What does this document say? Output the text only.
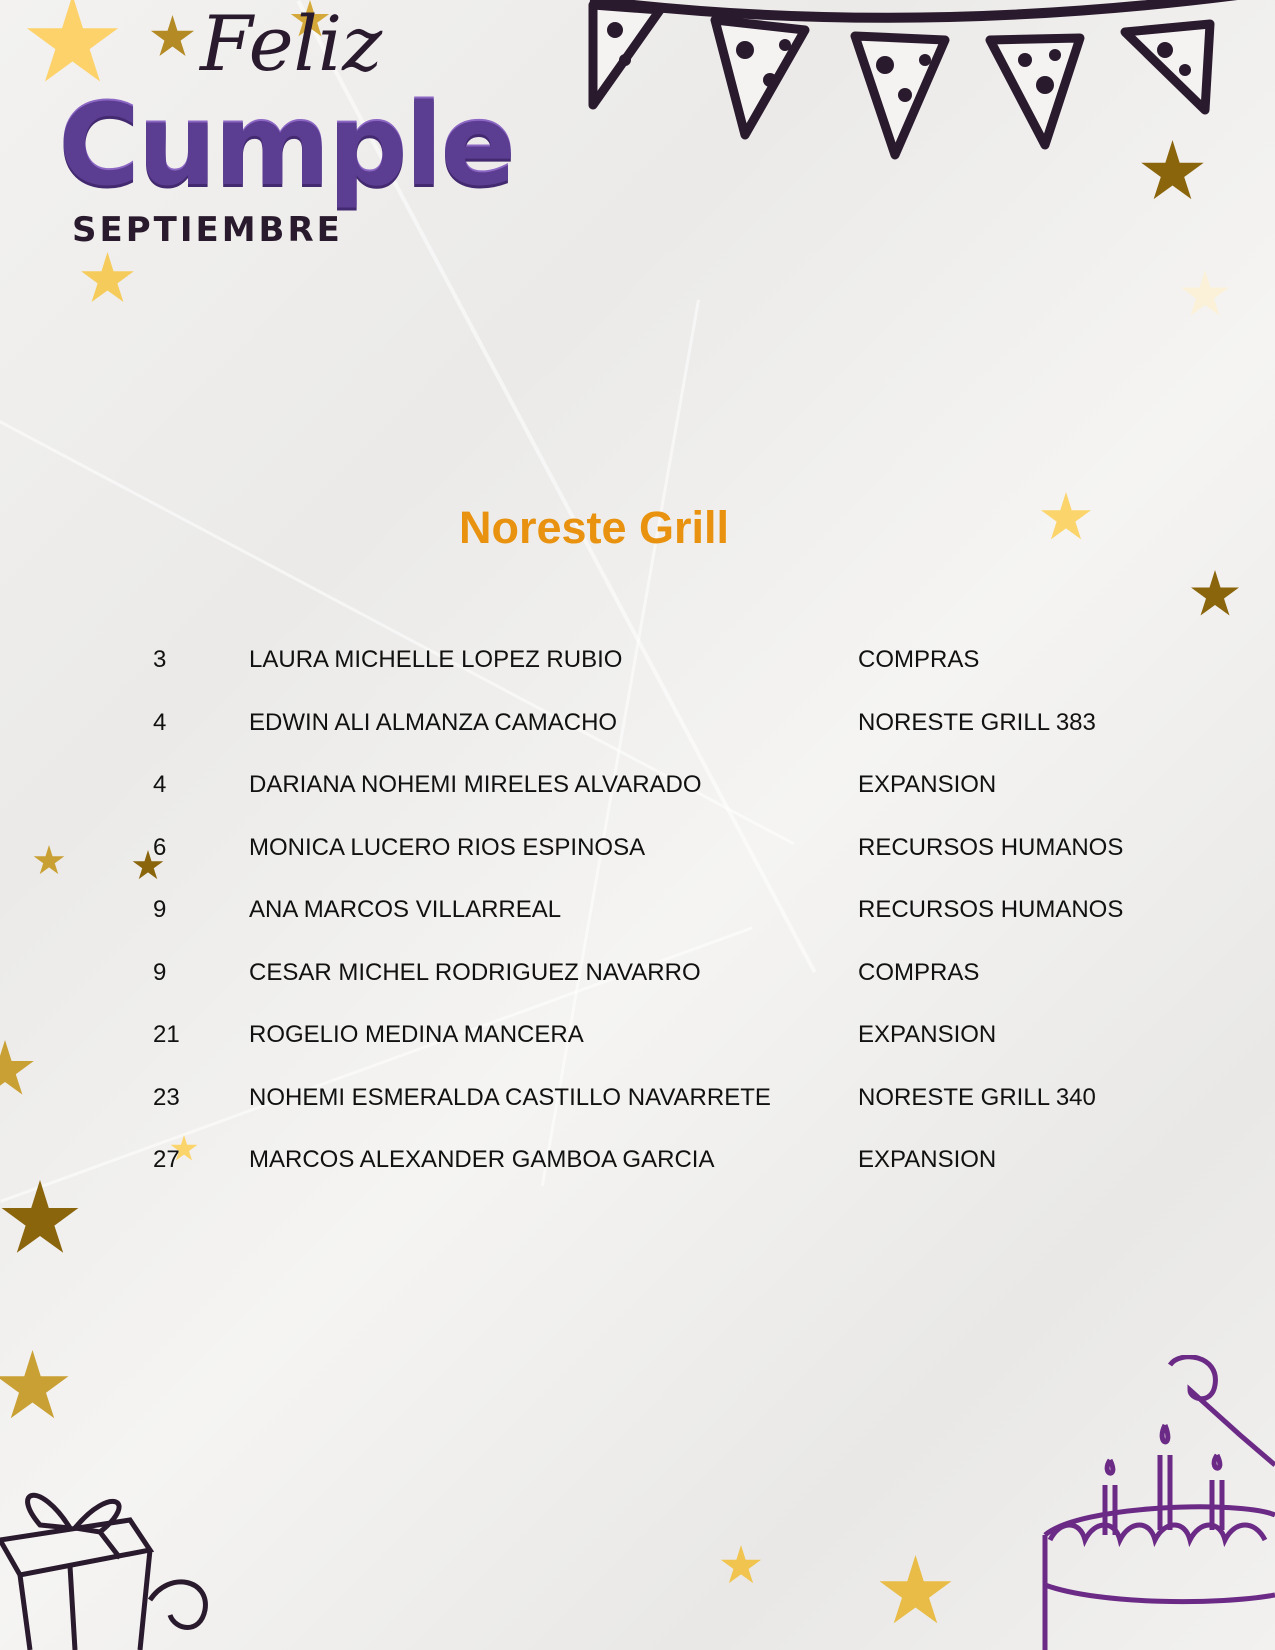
Feliz
Cumple
SEPTIEMBRE
Noreste Grill
3	LAURA MICHELLE LOPEZ RUBIO	COMPRAS
4	EDWIN ALI ALMANZA CAMACHO	NORESTE GRILL 383
4	DARIANA NOHEMI MIRELES ALVARADO	EXPANSION
6	MONICA LUCERO RIOS ESPINOSA	RECURSOS HUMANOS
9	ANA MARCOS VILLARREAL	RECURSOS HUMANOS
9	CESAR MICHEL RODRIGUEZ NAVARRO	COMPRAS
21	ROGELIO MEDINA MANCERA	EXPANSION
23	NOHEMI ESMERALDA CASTILLO NAVARRETE	NORESTE GRILL 340
27	MARCOS ALEXANDER GAMBOA GARCIA	EXPANSION
